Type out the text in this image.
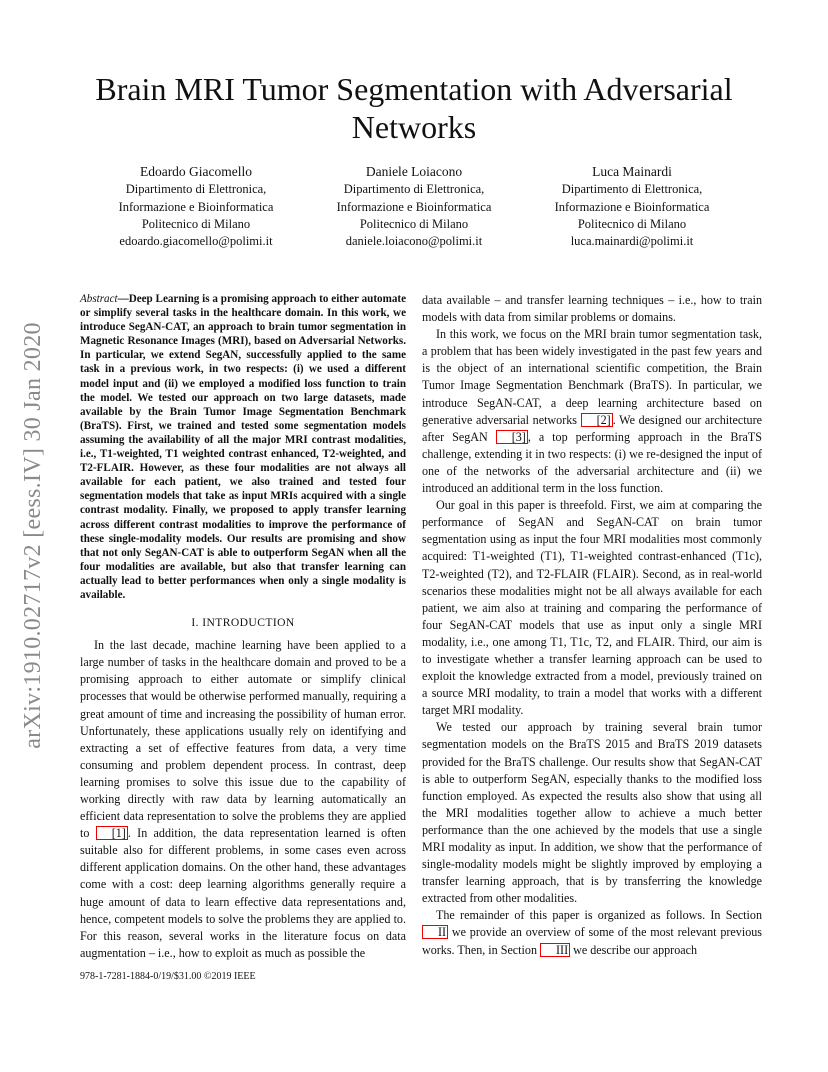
arXiv:1910.02717v2 [eess.IV] 30 Jan 2020
Brain MRI Tumor Segmentation with Adversarial Networks
Edoardo Giacomello
Dipartimento di Elettronica,
Informazione e Bioinformatica
Politecnico di Milano
edoardo.giacomello@polimi.it
Daniele Loiacono
Dipartimento di Elettronica,
Informazione e Bioinformatica
Politecnico di Milano
daniele.loiacono@polimi.it
Luca Mainardi
Dipartimento di Elettronica,
Informazione e Bioinformatica
Politecnico di Milano
luca.mainardi@polimi.it

Abstract—Deep Learning is a promising approach to either automate or simplify several tasks in the healthcare domain. In this work, we introduce SegAN-CAT, an approach to brain tumor segmentation in Magnetic Resonance Images (MRI), based on Adversarial Networks. In particular, we extend SegAN, successfully applied to the same task in a previous work, in two respects: (i) we used a different model input and (ii) we employed a modified loss function to train the model. We tested our approach on two large datasets, made available by the Brain Tumor Image Segmentation Benchmark (BraTS). First, we trained and tested some segmentation models assuming the availability of all the major MRI contrast modalities, i.e., T1-weighted, T1 weighted contrast enhanced, T2-weighted, and T2-FLAIR. However, as these four modalities are not always all available for each patient, we also trained and tested four segmentation models that take as input MRIs acquired with a single contrast modality. Finally, we proposed to apply transfer learning across different contrast modalities to improve the performance of these single-modality models. Our results are promising and show that not only SegAN-CAT is able to outperform SegAN when all the four modalities are available, but also that transfer learning can actually lead to better performances when only a single modality is available.

I. INTRODUCTION

In the last decade, machine learning have been applied to a large number of tasks in the healthcare domain and proved to be a promising approach to either automate or simplify clinical processes that would be otherwise performed manually, requiring a great amount of time and increasing the possibility of human error. Unfortunately, these applications usually rely on identifying and extracting a set of effective features from data, a very time consuming and problem dependent process. In contrast, deep learning promises to solve this issue due to the capability of working directly with raw data by learning automatically an efficient data representation to solve the problems they are applied to [1] . In addition, the data representation learned is often suitable also for different problems, in some cases even across different application domains. On the other hand, these advantages come with a cost: deep learning algorithms generally require a huge amount of data to learn effective data representations and, hence, competent models to solve the problems they are applied to. For this reason, several works in the literature focus on data augmentation – i.e., how to exploit as much as possible the

data available – and transfer learning techniques – i.e., how to train models with data from similar problems or domains.

In this work, we focus on the MRI brain tumor segmentation task, a problem that has been widely investigated in the past few years and is the object of an international scientific competition, the Brain Tumor Image Segmentation Benchmark (BraTS). In particular, we introduce SegAN-CAT, a deep learning architecture based on generative adversarial networks [2] . We designed our architecture after SegAN [3] , a top performing approach in the BraTS challenge, extending it in two respects: (i) we re-designed the input of one of the networks of the adversarial architecture and (ii) we introduced an additional term in the loss function.

Our goal in this paper is threefold. First, we aim at comparing the performance of SegAN and SegAN-CAT on brain tumor segmentation using as input the four MRI modalities most commonly acquired: T1-weighted (T1), T1-weighted contrast-enhanced (T1c), T2-weighted (T2), and T2-FLAIR (FLAIR). Second, as in real-world scenarios these modalities might not be all always available for each patient, we aim also at training and comparing the performance of four SegAN-CAT models that use as input only a single MRI modality, i.e., one among T1, T1c, T2, and FLAIR. Third, our aim is to investigate whether a transfer learning approach can be used to exploit the knowledge extracted from a model, previously trained on a source MRI modality, to train a model that works with a different target MRI modality.

We tested our approach by training several brain tumor segmentation models on the BraTS 2015 and BraTS 2019 datasets provided for the BraTS challenge. Our results show that SegAN-CAT is able to outperform SegAN, especially thanks to the modified loss function employed. As expected the results also show that using all the MRI modalities together allow to achieve a much better performance than the one achieved by the models that use a single MRI modality as input. In addition, we show that the performance of single-modality models might be slightly improved by employing a transfer learning approach, that is by transferring the knowledge extracted from other modalities.

The remainder of this paper is organized as follows. In Section II we provide an overview of some of the most relevant previous works. Then, in Section III we describe our approach

978-1-7281-1884-0/19/$31.00 ©2019 IEEE
